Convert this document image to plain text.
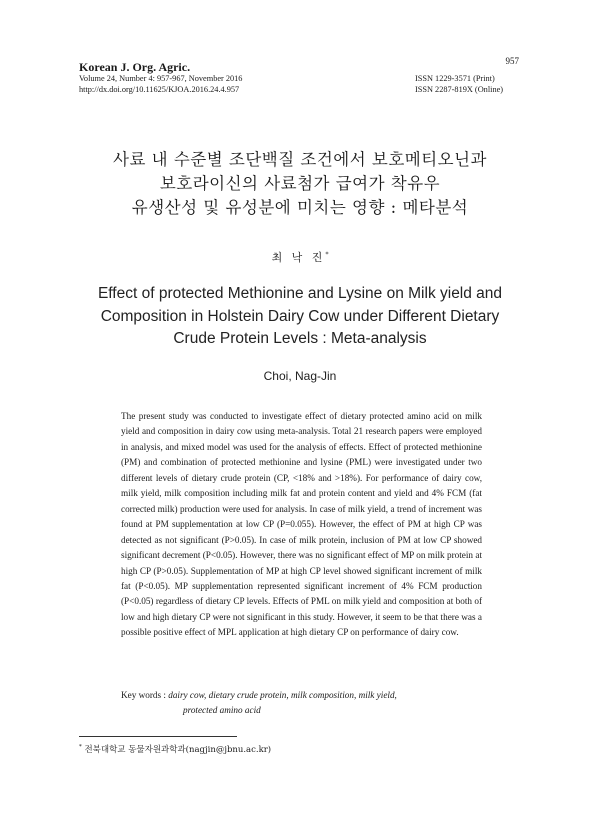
Korean J. Org. Agric.	957
Volume 24, Number 4: 957-967, November 2016
http://dx.doi.org/10.11625/KJOA.2016.24.4.957
ISSN 1229-3571 (Print)
ISSN 2287-819X (Online)
사료 내 수준별 조단백질 조건에서 보호메티오닌과
보호라이신의 사료첨가 급여가 착유우
유생산성 및 유성분에 미치는 영향 : 메타분석
최 낙 진*
Effect of protected Methionine and Lysine on Milk yield and
Composition in Holstein Dairy Cow under Different Dietary
Crude Protein Levels : Meta-analysis
Choi, Nag-Jin
The present study was conducted to investigate effect of dietary protected amino acid on milk yield and composition in dairy cow using meta-analysis. Total 21 research papers were employed in analysis, and mixed model was used for the analysis of effects. Effect of protected methionine (PM) and combination of protected methionine and lysine (PML) were investigated under two different levels of dietary crude protein (CP, <18% and >18%). For performance of dairy cow, milk yield, milk composition including milk fat and protein content and yield and 4% FCM (fat corrected milk) production were used for analysis. In case of milk yield, a trend of increment was found at PM supplementation at low CP (P=0.055). However, the effect of PM at high CP was detected as not significant (P>0.05). In case of milk protein, inclusion of PM at low CP showed significant decrement (P<0.05). However, there was no significant effect of MP on milk protein at high CP (P>0.05). Supplementation of MP at high CP level showed significant increment of milk fat (P<0.05). MP supplementation represented significant increment of 4% FCM production (P<0.05) regardless of dietary CP levels. Effects of PML on milk yield and composition at both of low and high dietary CP were not significant in this study. However, it seem to be that there was a possible positive effect of MPL application at high dietary CP on performance of dairy cow.
Key words : dairy cow, dietary crude protein, milk composition, milk yield,
protected amino acid
* 전북대학교 동물자원과학과(nagjin@jbnu.ac.kr)
